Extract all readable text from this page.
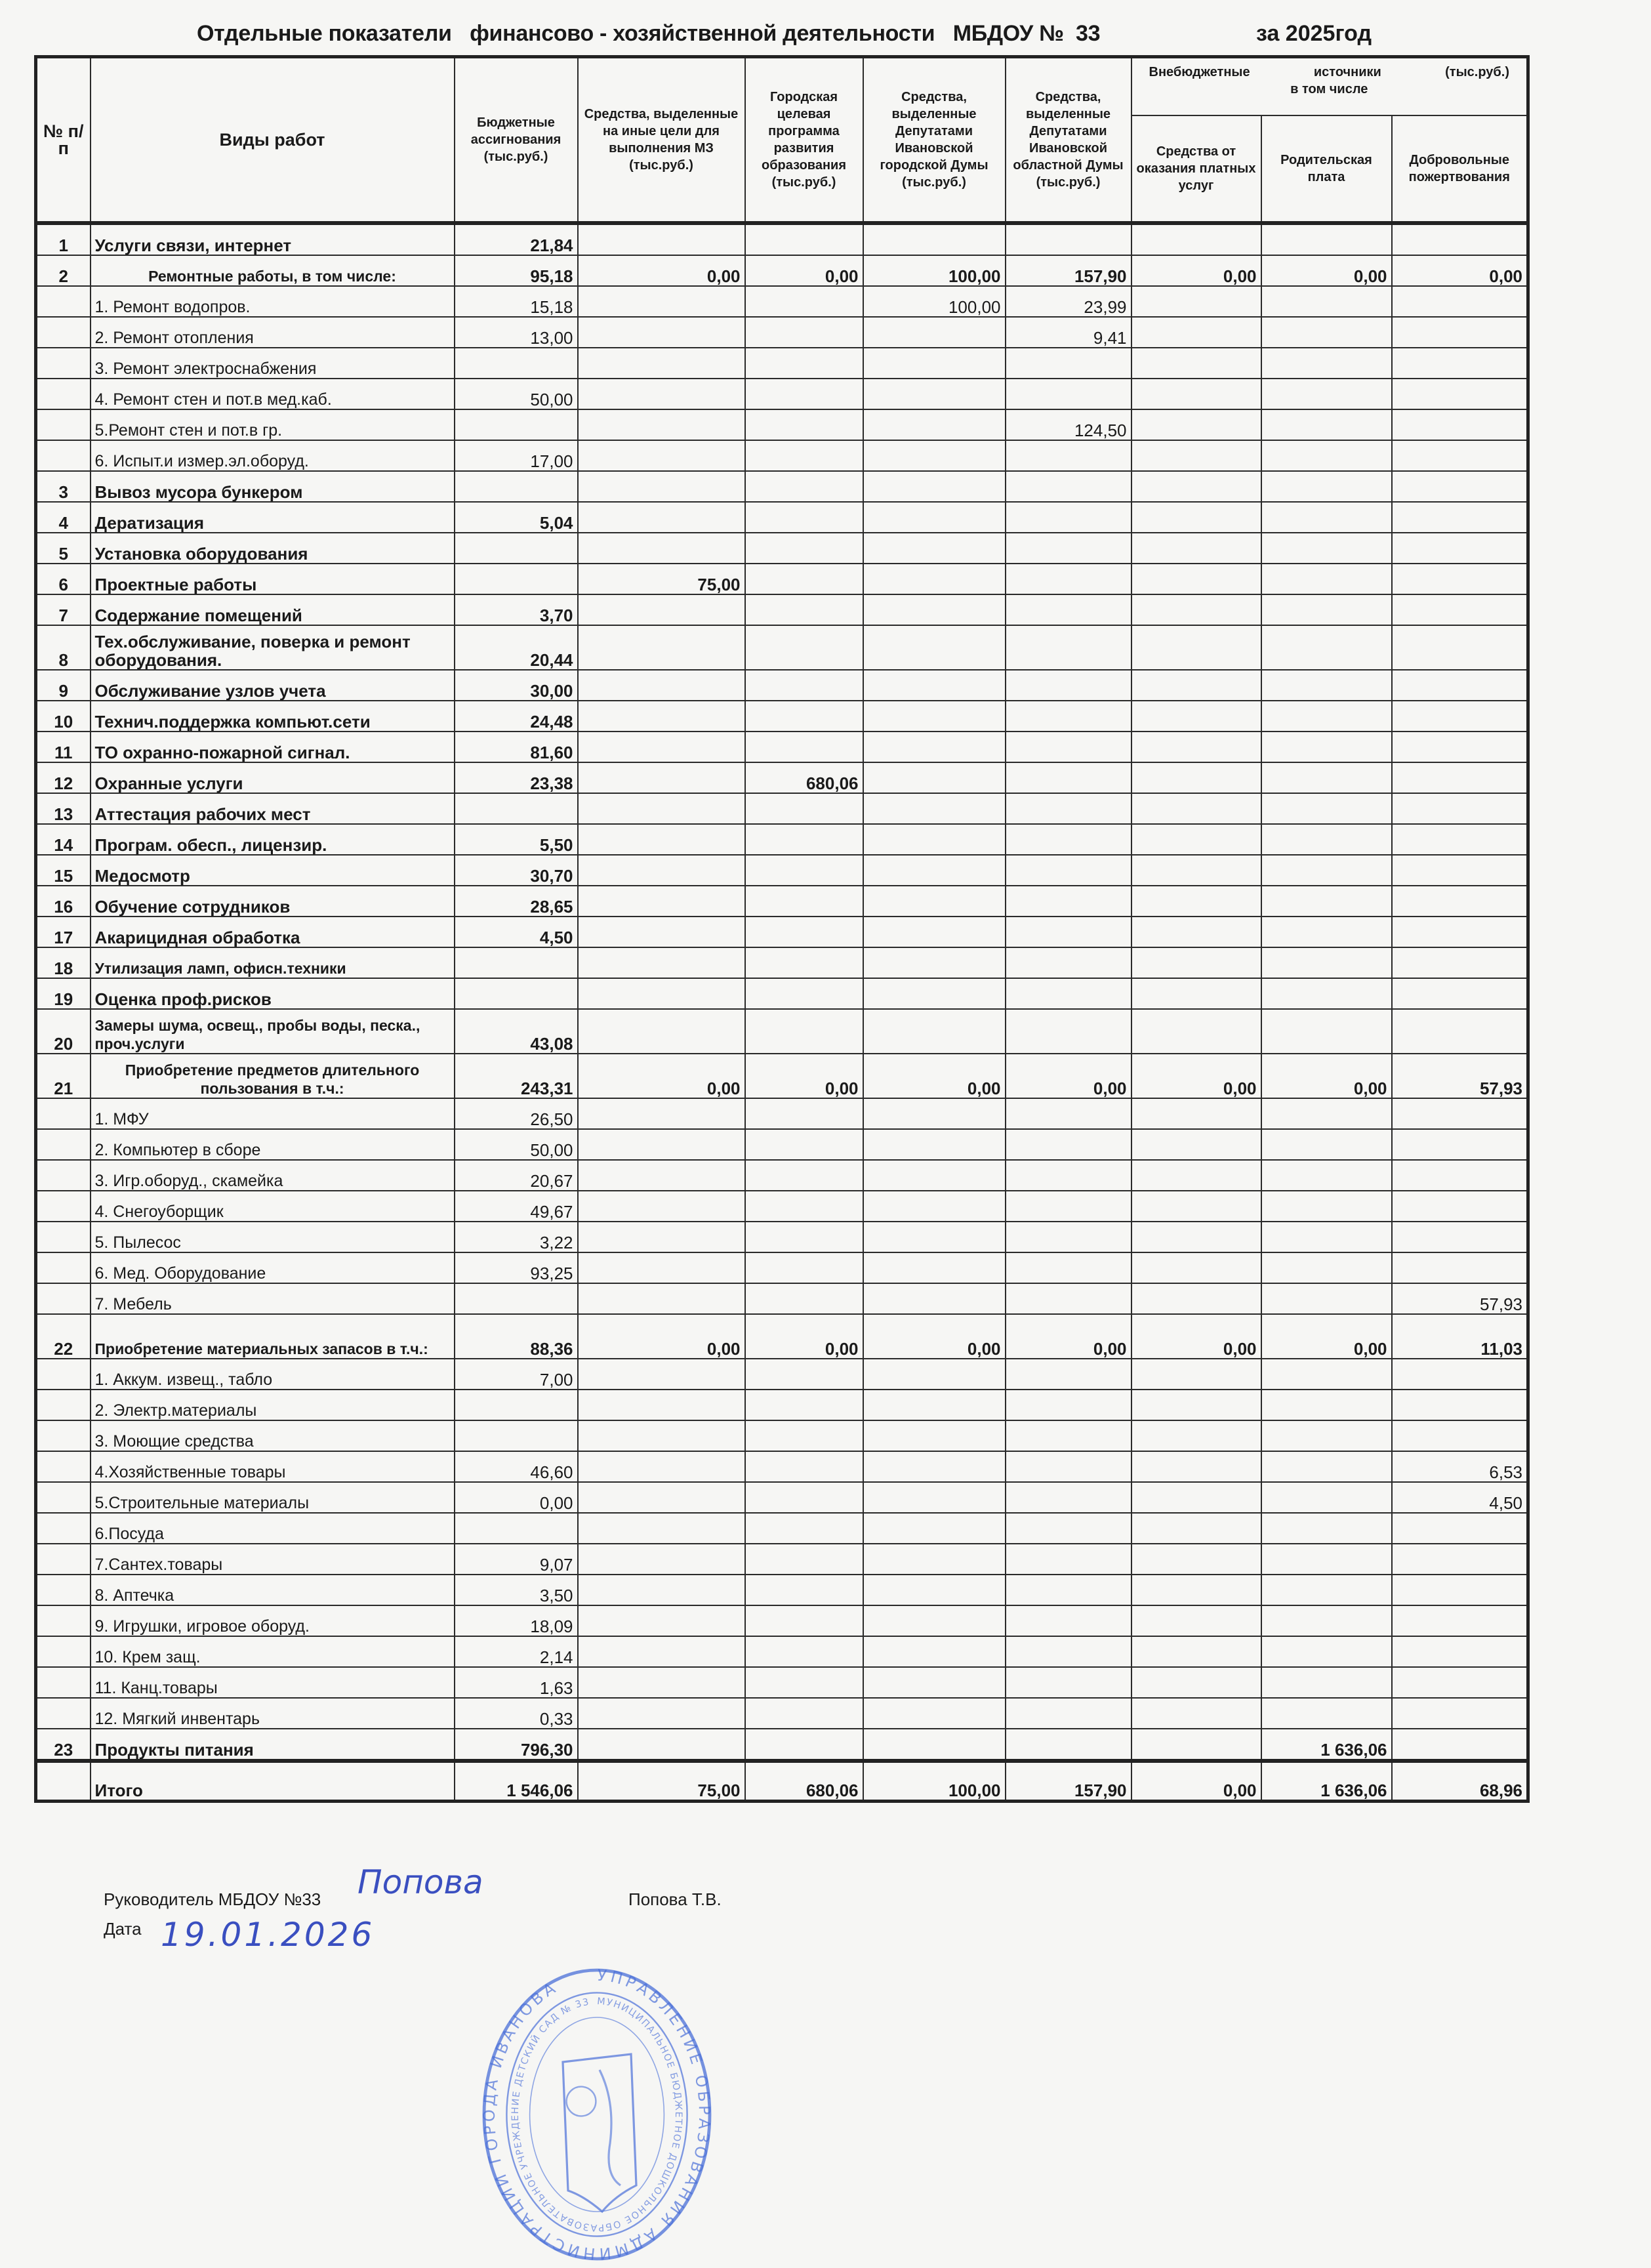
Отдельные показатели   финансово - хозяйственной деятельности   МБДОУ №  33	за 2025год
№ п/п	Виды работ	Бюджетные ассигнования (тыс.руб.)	Средства, выделенные на иные цели для выполнения МЗ (тыс.руб.)	Городская целевая программа развития образования (тыс.руб.)	Средства, выделенные Депутатами Ивановской городской Думы (тыс.руб.)	Средства, выделенные Депутатами Ивановской областной Думы (тыс.руб.)	Внебюджетные источники (тыс.руб.)
в том числе		

							Средства от оказания платных услуг	Родительская плата	Добровольные пожертвования
1	Услуги связи, интернет	21,84							
2	Ремонтные работы, в том числе:	95,18	0,00	0,00	100,00	157,90	0,00	0,00	0,00
	1. Ремонт водопров.	15,18			100,00	23,99			
	2. Ремонт отопления	13,00				9,41			
	3. Ремонт электроснабжения								
	4. Ремонт стен и пот.в мед.каб.	50,00							
	5.Ремонт стен и пот.в гр.					124,50			
	6. Испыт.и измер.эл.оборуд.	17,00							
3	Вывоз мусора бункером								
4	Дератизация	5,04							
5	Установка оборудования								
6	Проектные работы		75,00						
7	Содержание помещений	3,70							
8	Тех.обслуживание, поверка и ремонт оборудования.	20,44							
9	Обслуживание узлов учета	30,00							
10	Технич.поддержка компьют.сети	24,48							
11	ТО охранно-пожарной сигнал.	81,60							
12	Охранные услуги	23,38		680,06					
13	Аттестация рабочих мест								
14	Програм. обесп., лицензир.	5,50							
15	Медосмотр	30,70							
16	Обучение сотрудников	28,65							
17	Акарицидная обработка	4,50							
18	Утилизация ламп, офисн.техники								
19	Оценка проф.рисков								
20	Замеры шума, освещ., пробы воды, песка., проч.услуги	43,08							
21	Приобретение предметов длительного пользования в т.ч.:	243,31	0,00	0,00	0,00	0,00	0,00	0,00	57,93
	1. МФУ	26,50							
	2. Компьютер в сборе	50,00							
	3. Игр.оборуд., скамейка	20,67							
	4. Снегоуборщик	49,67							
	5. Пылесос	3,22							
	6. Мед. Оборудование	93,25							
	7. Мебель								57,93
22	Приобретение материальных запасов в т.ч.:	88,36	0,00	0,00	0,00	0,00	0,00	0,00	11,03
	1. Аккум. извещ., табло	7,00							
	2. Электр.материалы								
	3. Моющие средства								
	4.Хозяйственные товары	46,60							6,53
	5.Строительные материалы	0,00							4,50
	6.Посуда								
	7.Сантех.товары	9,07							
	8. Аптечка	3,50							
	9. Игрушки, игровое оборуд.	18,09							
	10. Крем защ.	2,14							
	11. Канц.товары	1,63							
	12. Мягкий инвентарь	0,33							
23	Продукты питания	796,30						1 636,06	
	Итого	1 546,06	75,00	680,06	100,00	157,90	0,00	1 636,06	68,96
Руководитель МБДОУ №33	Попова Т.В.
Дата
Попова
19.01.2026
УПРАВЛЕНИЕ ОБРАЗОВАНИЯ АДМИНИСТРАЦИИ ГОРОДА ИВАНОВА
МУНИЦИПАЛЬНОЕ БЮДЖЕТНОЕ ДОШКОЛЬНОЕ ОБРАЗОВАТЕЛЬНОЕ УЧРЕЖДЕНИЕ ДЕТСКИЙ САД № 33
